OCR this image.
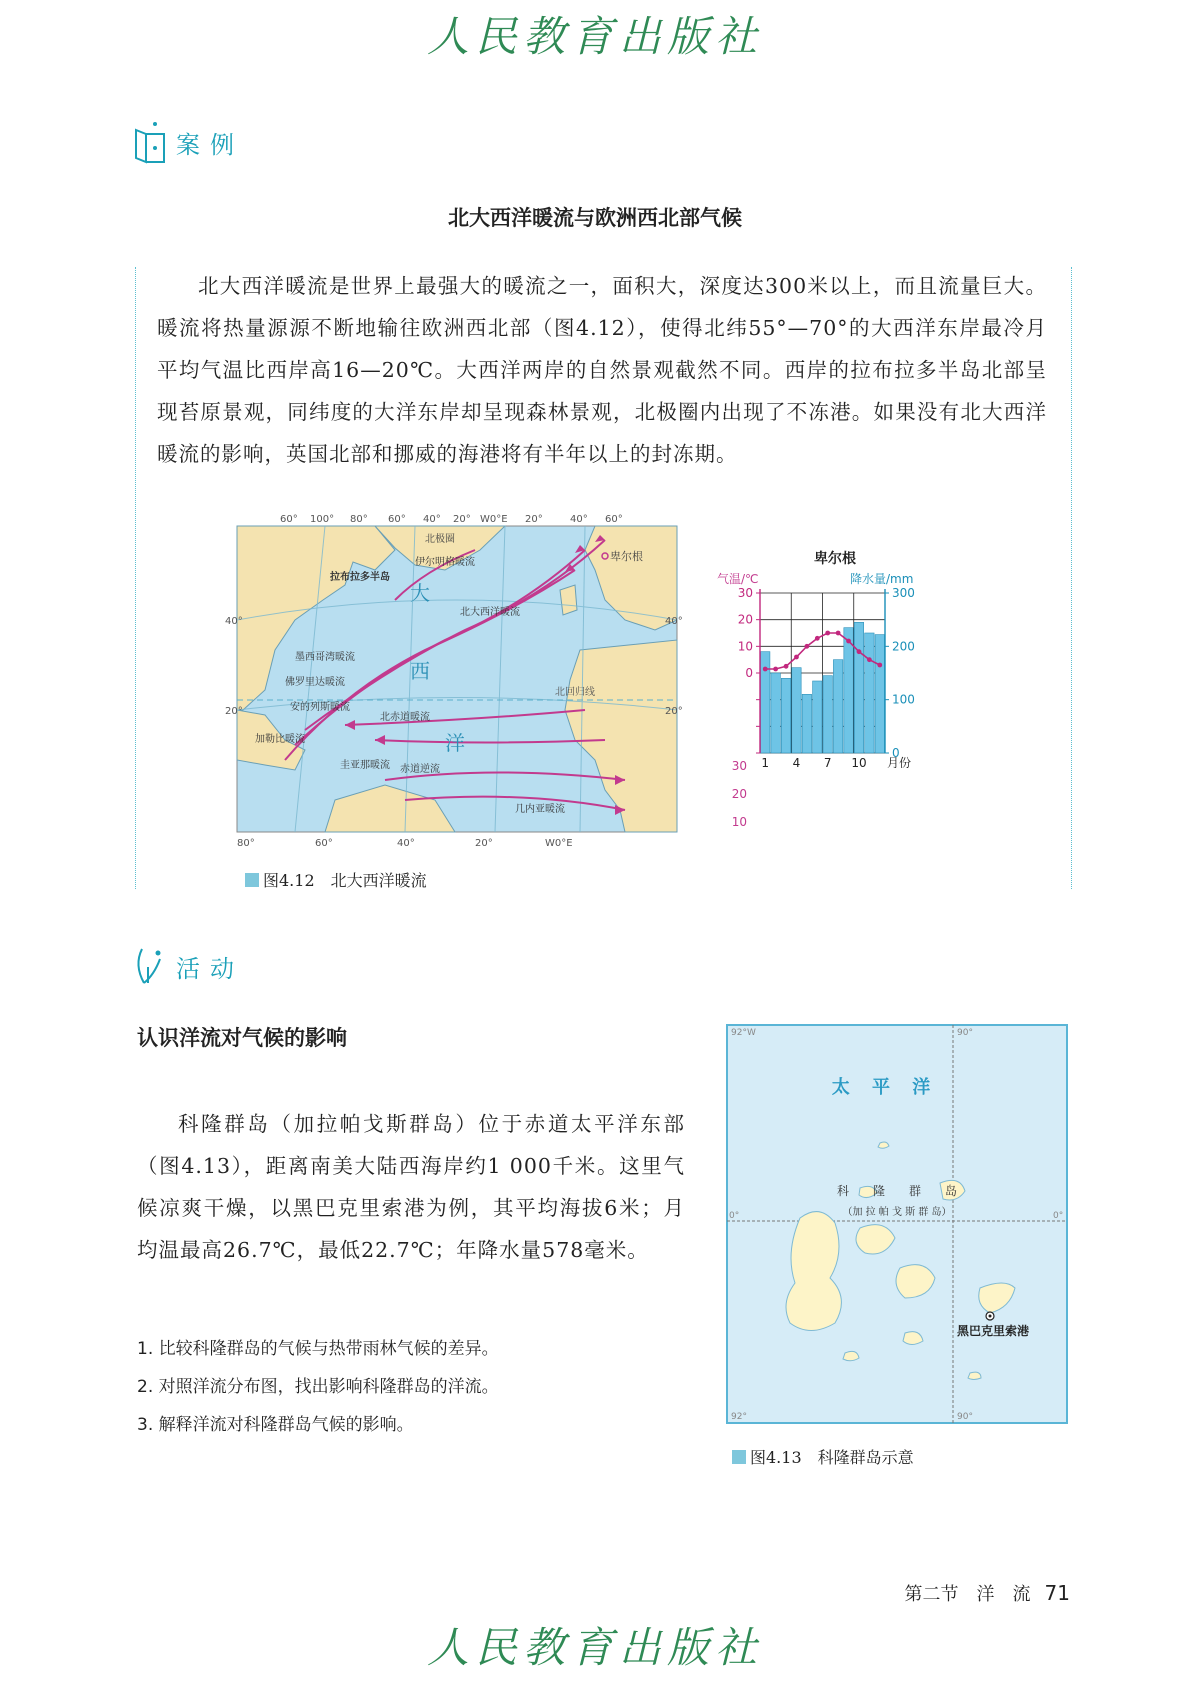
人民教育出版社
案例
北大西洋暖流与欧洲西北部气候

北大西洋暖流是世界上最强大的暖流之一，面积大，深度达300米以上，而且流量巨大。暖流将热量源源不断地输往欧洲西北部（图4.12），使得北纬55°—70°的大西洋东岸最冷月平均气温比西岸高16—20℃。大西洋两岸的自然景观截然不同。西岸的拉布拉多半岛北部呈现苔原景观，同纬度的大洋东岸却呈现森林景观，北极圈内出现了不冻港。如果没有北大西洋暖流的影响，英国北部和挪威的海港将有半年以上的封冻期。

60° 100° 80° 60° 40° 20° W0°E 20°	40° 60°
80°	60°	40°	20°	W0°E
40°
20°
40°
20°
北极圈
卑尔根
拉布拉多半岛
伊尔明格暖流
北大西洋暖流
墨西哥湾暖流
佛罗里达暖流
安的列斯暖流
北赤道暖流
北回归线
加勒比暖流
圭亚那暖流 赤道逆流
几内亚暖流
大
西
洋
卑尔根
气温/℃	降水量/mm
30
20
10
0
300
200
100
0
1 4 7 10 月份
30
20
10
图4.12　北大西洋暖流
活动
认识洋流对气候的影响

科隆群岛（加拉帕戈斯群岛）位于赤道太平洋东部（图4.13），距离南美大陆西海岸约1 000千米。这里气候凉爽干燥，以黑巴克里索港为例，其平均海拔6米；月均温最高26.7℃，最低22.7℃；年降水量578毫米。

1. 比较科隆群岛的气候与热带雨林气候的差异。
2. 对照洋流分布图，找出影响科隆群岛的洋流。
3. 解释洋流对科隆群岛气候的影响。
92°W	90°
92°	90°
0°	0°
太 平 洋
科　　隆　　群　　岛
（加 拉 帕 戈 斯 群 岛）
黑巴克里索港
图4.13　科隆群岛示意
第二节　洋　流 71
人民教育出版社
